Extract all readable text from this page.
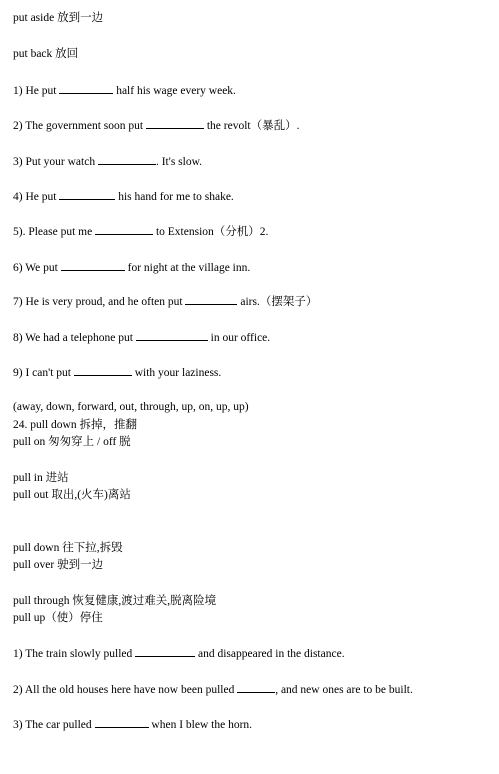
put aside 放到一边
put back 放回
1) He put	half his wage every week.
2) The government soon put	the revolt（暴乱）.
3) Put your watch	. It's slow.
4) He put	his hand for me to shake.
5). Please put me	to Extension（分机）2.
6) We put	for night at the village inn.
7) He is very proud, and he often put	airs.（摆架子）
8) We had a telephone put	in our office.
9) I can't put	with your laziness.
(away, down, forward, out, through, up, on, up, up)
24. pull down 拆掉，推翻
pull on 匆匆穿上 / off 脱
pull in 进站
pull out 取出,(火车)离站
pull down 往下拉,拆毁
pull over 驶到一边
pull through 恢复健康,渡过难关,脱离险境
pull up（使）停住
1) The train slowly pulled	and disappeared in the distance.
2) All the old houses here have now been pulled	, and new ones are to be built.
3) The car pulled	when I blew the horn.
